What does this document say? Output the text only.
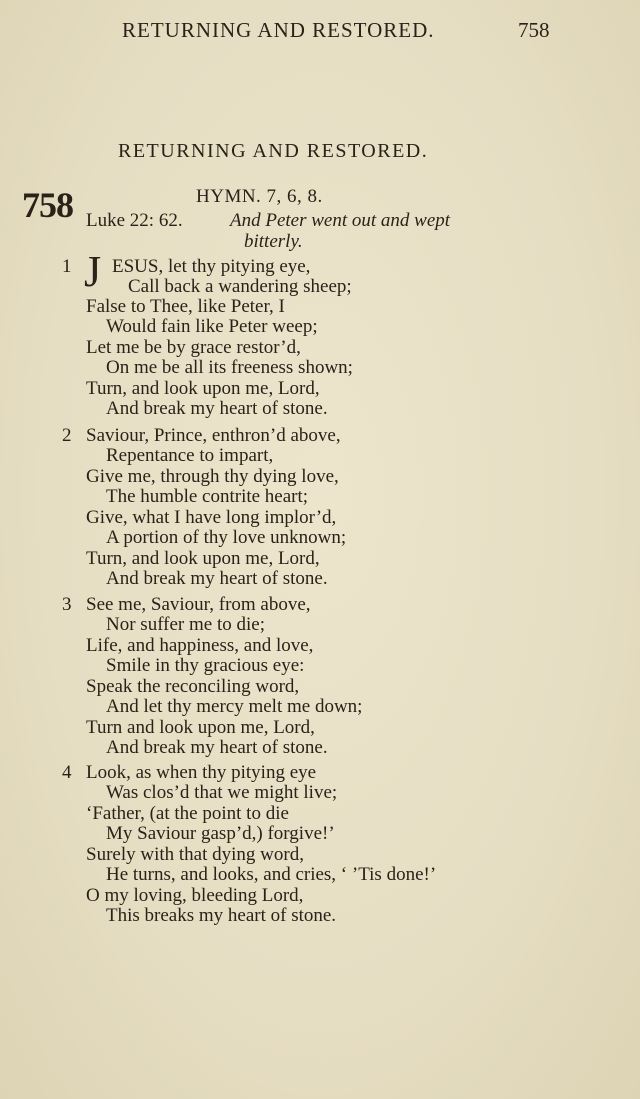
RETURNING AND RESTORED.	758
RETURNING AND RESTORED.
758	HYMN. 7, 6, 8.
Luke 22: 62. And Peter went out and wept
bitterly.
1 J ESUS, let thy pitying eye,
Call back a wandering sheep;
False to Thee, like Peter, I
Would fain like Peter weep;
Let me be by grace restor’d,
On me be all its freeness shown;
Turn, and look upon me, Lord,
And break my heart of stone.
2 Saviour, Prince, enthron’d above,
Repentance to impart,
Give me, through thy dying love,
The humble contrite heart;
Give, what I have long implor’d,
A portion of thy love unknown;
Turn, and look upon me, Lord,
And break my heart of stone.
3 See me, Saviour, from above,
Nor suffer me to die;
Life, and happiness, and love,
Smile in thy gracious eye:
Speak the reconciling word,
And let thy mercy melt me down;
Turn and look upon me, Lord,
And break my heart of stone.
4 Look, as when thy pitying eye
Was clos’d that we might live;
‘Father, (at the point to die
My Saviour gasp’d,) forgive!’
Surely with that dying word,
He turns, and looks, and cries, ‘ ’Tis done!’
O my loving, bleeding Lord,
This breaks my heart of stone.
